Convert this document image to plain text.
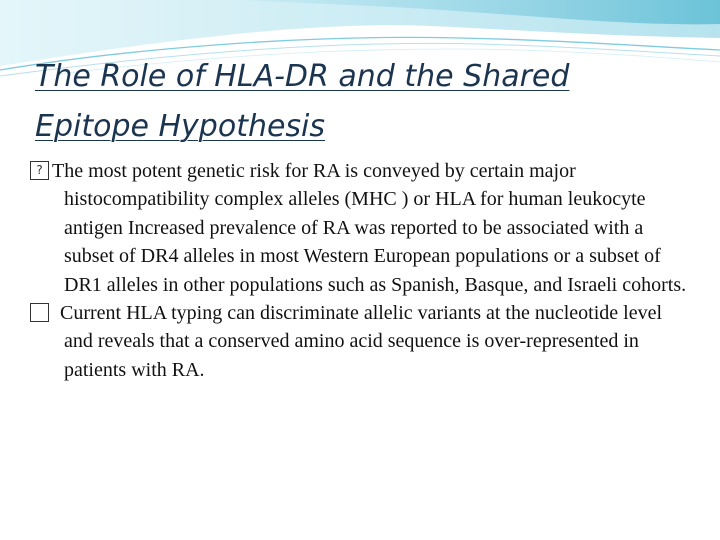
The Role of HLA-DR and the Shared Epitope Hypothesis
?The most potent genetic risk for RA is conveyed by certain major histocompatibility complex alleles (MHC ) or HLA for human leukocyte antigen Increased prevalence of RA was reported to be associated with a subset of DR4 alleles in most Western European populations or a subset of DR1 alleles in other populations such as Spanish, Basque, and Israeli cohorts.
Current HLA typing can discriminate allelic variants at the nucleotide level and reveals that a conserved amino acid sequence is over-represented in patients with RA.
